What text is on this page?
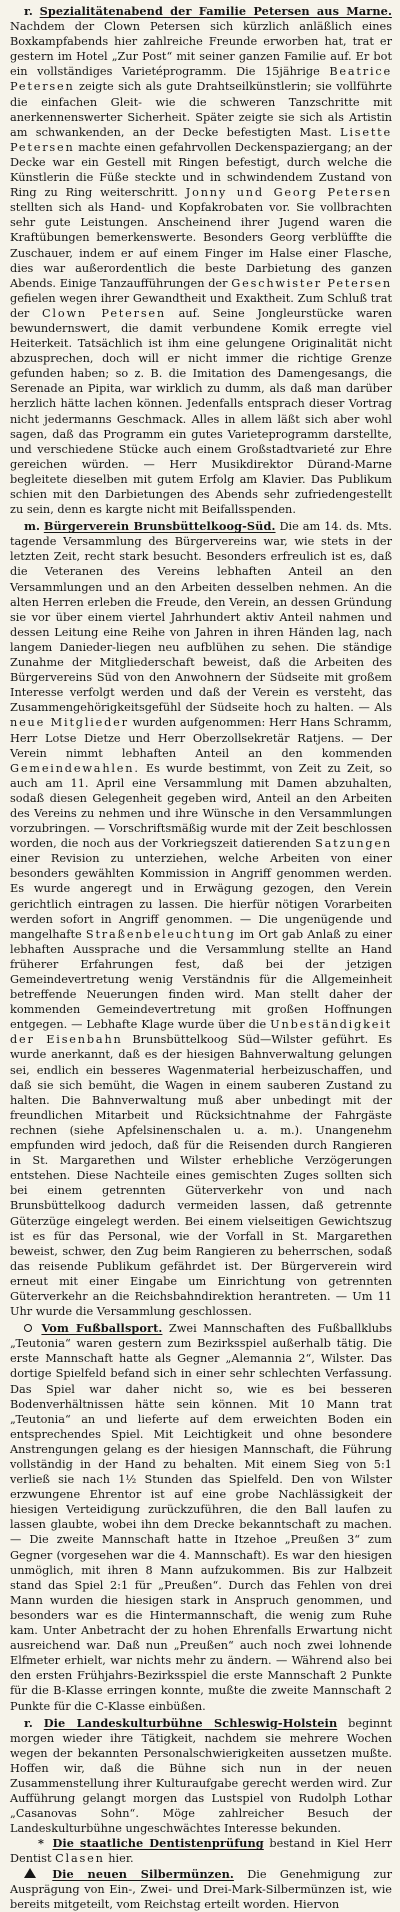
r. Spezialitätenabend der Familie Petersen aus Marne. Nachdem der Clown Petersen sich kürzlich anläßlich eines Boxkampfabends hier zahlreiche Freunde erworben hat, trat er gestern im Hotel „Zur Post“ mit seiner ganzen Familie auf. Er bot ein vollständiges Varietéprogramm. Die 15jährige Beatrice Petersen zeigte sich als gute Drahtseilkünstlerin; sie vollführte die einfachen Gleit- wie die schweren Tanzschritte mit anerkennenswerter Sicherheit. Später zeigte sie sich als Artistin am schwankenden, an der Decke befestigten Mast. Lisette Petersen machte einen gefahrvollen Deckenspaziergang; an der Decke war ein Gestell mit Ringen befestigt, durch welche die Künstlerin die Füße steckte und in schwindendem Zustand von Ring zu Ring weiterschritt. Jonny und Georg Petersen stellten sich als Hand- und Kopfakrobaten vor. Sie vollbrachten sehr gute Leistungen. Anscheinend ihrer Jugend waren die Kraftübungen bemerkenswerte. Besonders Georg verblüffte die Zuschauer, indem er auf einem Finger im Halse einer Flasche, dies war außerordentlich die beste Darbietung des ganzen Abends. Einige Tanzaufführungen der Geschwister Petersen gefielen wegen ihrer Gewandtheit und Exaktheit. Zum Schluß trat der Clown Petersen auf. Seine Jongleurstücke waren bewundernswert, die damit verbundene Komik erregte viel Heiterkeit. Tatsächlich ist ihm eine gelungene Originalität nicht abzusprechen, doch will er nicht immer die richtige Grenze gefunden haben; so z. B. die Imitation des Damengesangs, die Serenade an Pipita, war wirklich zu dumm, als daß man darüber herzlich hätte lachen können. Jedenfalls entsprach dieser Vortrag nicht jedermanns Geschmack. Alles in allem läßt sich aber wohl sagen, daß das Programm ein gutes Varieteprogramm darstellte, und verschiedene Stücke auch einem Großstadtvarieté zur Ehre gereichen würden. — Herr Musikdirektor Dürand-Marne begleitete dieselben mit gutem Erfolg am Klavier. Das Publikum schien mit den Darbietungen des Abends sehr zufriedengestellt zu sein, denn es kargte nicht mit Beifallsspenden.

m. Bürgerverein Brunsbüttelkoog-Süd. Die am 14. ds. Mts. tagende Versammlung des Bürgervereins war, wie stets in der letzten Zeit, recht stark besucht. Besonders erfreulich ist es, daß die Veteranen des Vereins lebhaften Anteil an den Versammlungen und an den Arbeiten desselben nehmen. An die alten Herren erleben die Freude, den Verein, an dessen Gründung sie vor über einem viertel Jahrhundert aktiv Anteil nahmen und dessen Leitung eine Reihe von Jahren in ihren Händen lag, nach langem Danieder-liegen neu aufblühen zu sehen. Die ständige Zunahme der Mitgliederschaft beweist, daß die Arbeiten des Bürgervereins Süd von den Anwohnern der Südseite mit großem Interesse verfolgt werden und daß der Verein es versteht, das Zusammengehörigkeitsgefühl der Südseite hoch zu halten. — Als neue Mitglieder wurden aufgenommen: Herr Hans Schramm, Herr Lotse Dietze und Herr Oberzollsekretär Ratjens. — Der Verein nimmt lebhaften Anteil an den kommenden Gemeindewahlen. Es wurde bestimmt, von Zeit zu Zeit, so auch am 11. April eine Versammlung mit Damen abzuhalten, sodaß diesen Gelegenheit gegeben wird, Anteil an den Arbeiten des Vereins zu nehmen und ihre Wünsche in den Versammlungen vorzubringen. — Vorschriftsmäßig wurde mit der Zeit beschlossen worden, die noch aus der Vorkriegszeit datierenden Satzungen einer Revision zu unterziehen, welche Arbeiten von einer besonders gewählten Kommission in Angriff genommen werden. Es wurde angeregt und in Erwägung gezogen, den Verein gerichtlich eintragen zu lassen. Die hierfür nötigen Vorarbeiten werden sofort in Angriff genommen. — Die ungenügende und mangelhafte Straßenbeleuchtung im Ort gab Anlaß zu einer lebhaften Aussprache und die Versammlung stellte an Hand früherer Erfahrungen fest, daß bei der jetzigen Gemeindevertretung wenig Verständnis für die Allgemeinheit betreffende Neuerungen finden wird. Man stellt daher der kommenden Gemeindevertretung mit großen Hoffnungen entgegen. — Lebhafte Klage wurde über die Unbeständigkeit der Eisenbahn Brunsbüttelkoog Süd—Wilster geführt. Es wurde anerkannt, daß es der hiesigen Bahnverwaltung gelungen sei, endlich ein besseres Wagenmaterial herbeizuschaffen, und daß sie sich bemüht, die Wagen in einem sauberen Zustand zu halten. Die Bahnverwaltung muß aber unbedingt mit der freundlichen Mitarbeit und Rücksichtnahme der Fahrgäste rechnen (siehe Apfelsinenschalen u. a. m.). Unangenehm empfunden wird jedoch, daß für die Reisenden durch Rangieren in St. Margarethen und Wilster erhebliche Verzögerungen entstehen. Diese Nachteile eines gemischten Zuges sollten sich bei einem getrennten Güterverkehr von und nach Brunsbüttelkoog dadurch vermeiden lassen, daß getrennte Güterzüge eingelegt werden. Bei einem vielseitigen Gewichtszug ist es für das Personal, wie der Vorfall in St. Margarethen beweist, schwer, den Zug beim Rangieren zu beherrschen, sodaß das reisende Publikum gefährdet ist. Der Bürgerverein wird erneut mit einer Eingabe um Einrichtung von getrennten Güterverkehr an die Reichsbahndirektion herantreten. — Um 11 Uhr wurde die Versammlung geschlossen.

Vom Fußballsport. Zwei Mannschaften des Fußballklubs „Teutonia“ waren gestern zum Bezirksspiel außerhalb tätig. Die erste Mannschaft hatte als Gegner „Alemannia 2“, Wilster. Das dortige Spielfeld befand sich in einer sehr schlechten Verfassung. Das Spiel war daher nicht so, wie es bei besseren Bodenverhältnissen hätte sein können. Mit 10 Mann trat „Teutonia“ an und lieferte auf dem erweichten Boden ein entsprechendes Spiel. Mit Leichtigkeit und ohne besondere Anstrengungen gelang es der hiesigen Mannschaft, die Führung vollständig in der Hand zu behalten. Mit einem Sieg von 5:1 verließ sie nach 1½ Stunden das Spielfeld. Den von Wilster erzwungene Ehrentor ist auf eine grobe Nachlässigkeit der hiesigen Verteidigung zurückzuführen, die den Ball laufen zu lassen glaubte, wobei ihn dem Drecke bekanntschaft zu machen. — Die zweite Mannschaft hatte in Itzehoe „Preußen 3“ zum Gegner (vorgesehen war die 4. Mannschaft). Es war den hiesigen unmöglich, mit ihren 8 Mann aufzukommen. Bis zur Halbzeit stand das Spiel 2:1 für „Preußen“. Durch das Fehlen von drei Mann wurden die hiesigen stark in Anspruch genommen, und besonders war es die Hintermannschaft, die wenig zum Ruhe kam. Unter Anbetracht der zu hohen Ehrenfalls Erwartung nicht ausreichend war. Daß nun „Preußen“ auch noch zwei lohnende Elfmeter erhielt, war nichts mehr zu ändern. — Während also bei den ersten Frühjahrs-Bezirksspiel die erste Mannschaft 2 Punkte für die B-Klasse erringen konnte, mußte die zweite Mannschaft 2 Punkte für die C-Klasse einbüßen.

r. Die Landeskulturbühne Schleswig-Holstein beginnt morgen wieder ihre Tätigkeit, nachdem sie mehrere Wochen wegen der bekannten Personalschwierigkeiten aussetzen mußte. Hoffen wir, daß die Bühne sich nun in der neuen Zusammenstellung ihrer Kulturaufgabe gerecht werden wird. Zur Aufführung gelangt morgen das Lustspiel von Rudolph Lothar „Casanovas Sohn“. Möge zahlreicher Besuch der Landeskulturbühne ungeschwächtes Interesse bekunden.

* Die staatliche Dentistenprüfung bestand in Kiel Herr Dentist Clasen hier.

Die neuen Silbermünzen. Die Genehmigung zur Ausprägung von Ein-, Zwei- und Drei-Mark-Silbermünzen ist, wie bereits mitgeteilt, vom Reichstag erteilt worden. Hiervon
